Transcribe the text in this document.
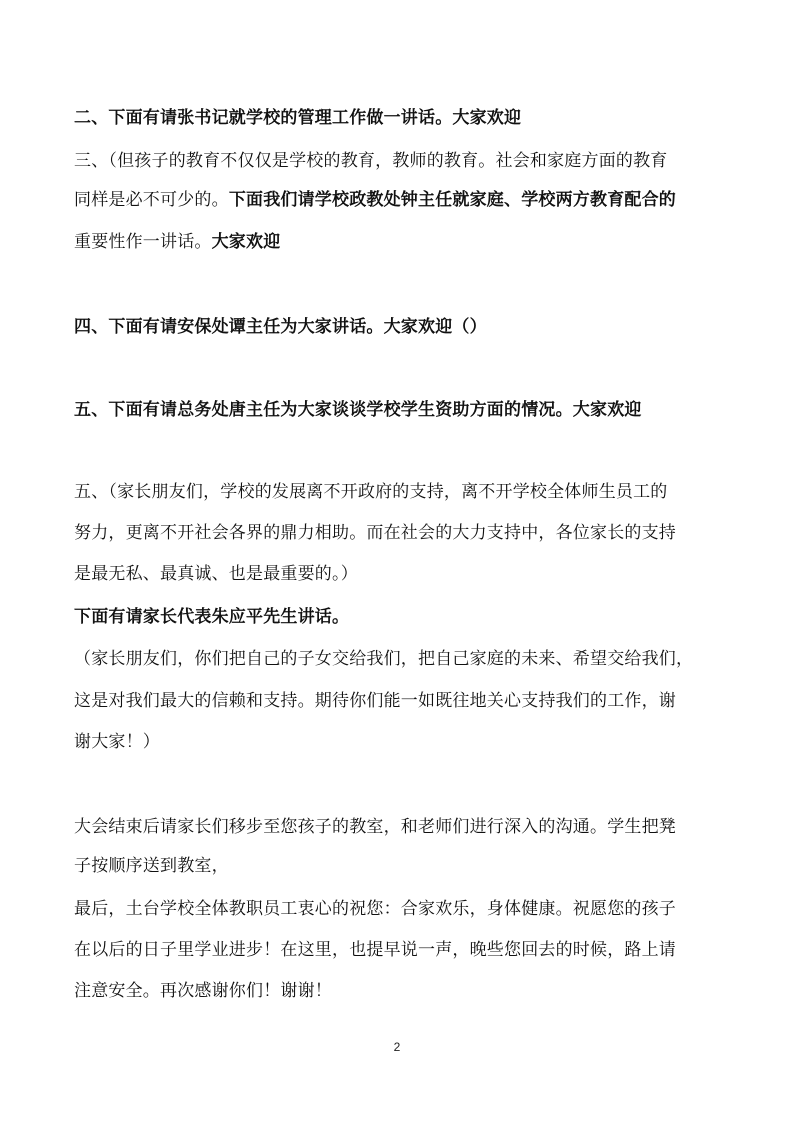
二、下面有请张书记就学校的管理工作做一讲话。大家欢迎
三、（但孩子的教育不仅仅是学校的教育，教师的教育。社会和家庭方面的教育
同样是必不可少的。下面我们请学校政教处钟主任就家庭、学校两方教育配合的
重要性作一讲话。大家欢迎
四、下面有请安保处谭主任为大家讲话。大家欢迎（）
五、下面有请总务处唐主任为大家谈谈学校学生资助方面的情况。大家欢迎
五、（家长朋友们，学校的发展离不开政府的支持，离不开学校全体师生员工的
努力，更离不开社会各界的鼎力相助。而在社会的大力支持中，各位家长的支持
是最无私、最真诚、也是最重要的。）
下面有请家长代表朱应平先生讲话。
（家长朋友们，你们把自己的子女交给我们，把自己家庭的未来、希望交给我们，
这是对我们最大的信赖和支持。期待你们能一如既往地关心支持我们的工作，谢
谢大家！）
大会结束后请家长们移步至您孩子的教室，和老师们进行深入的沟通。学生把凳
子按顺序送到教室，
最后，土台学校全体教职员工衷心的祝您：合家欢乐，身体健康。祝愿您的孩子
在以后的日子里学业进步！在这里，也提早说一声，晚些您回去的时候，路上请
注意安全。再次感谢你们！谢谢！
2
